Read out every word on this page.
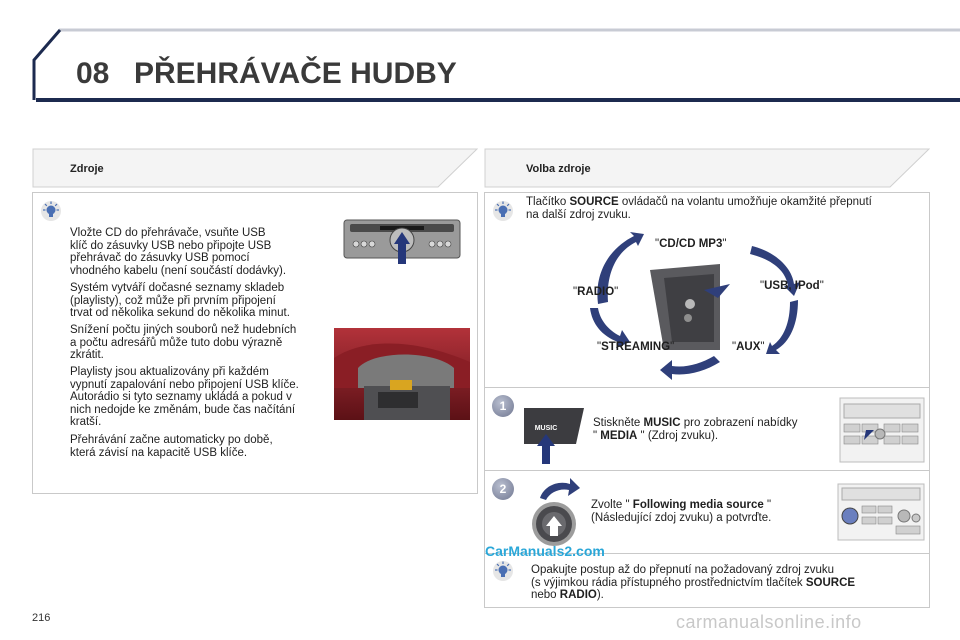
08 PŘEHRÁVAČE HUDBY
Zdroje	Volba zdroje
Vložte CD do přehrávače, vsuňte USB
klíč do zásuvky USB nebo připojte USB
přehrávač do zásuvky USB pomocí
vhodného kabelu (není součástí dodávky).
Systém vytváří dočasné seznamy skladeb
(playlisty), což může při prvním připojení
trvat od několika sekund do několika minut.
Snížení počtu jiných souborů než hudebních
a počtu adresářů může tuto dobu výrazně
zkrátit.
Playlisty jsou aktualizovány při každém
vypnutí zapalování nebo připojení USB klíče.
Autorádio si tyto seznamy ukládá a pokud v
nich nedojde ke změnám, bude čas načítání
kratší.
Přehrávání začne automaticky po době,
která závisí na kapacitě USB klíče.
Tlačítko SOURCE ovládačů na volantu umožňuje okamžité přepnutí
na další zdroj zvuku.
"CD/CD MP3"
"USB, IPod"
"AUX"
"STREAMING"
"RADIO"
1
MUSIC	Stiskněte MUSIC pro zobrazení nabídky
" MEDIA " (Zdroj zvuku).
2
Zvolte " Following media source "
(Následující zdoj zvuku) a potvrďte.
CarManuals2.com
Opakujte postup až do přepnutí na požadovaný zdroj zvuku
(s výjimkou rádia přístupného prostřednictvím tlačítek SOURCE
nebo RADIO).
216	carmanualsonline.info
